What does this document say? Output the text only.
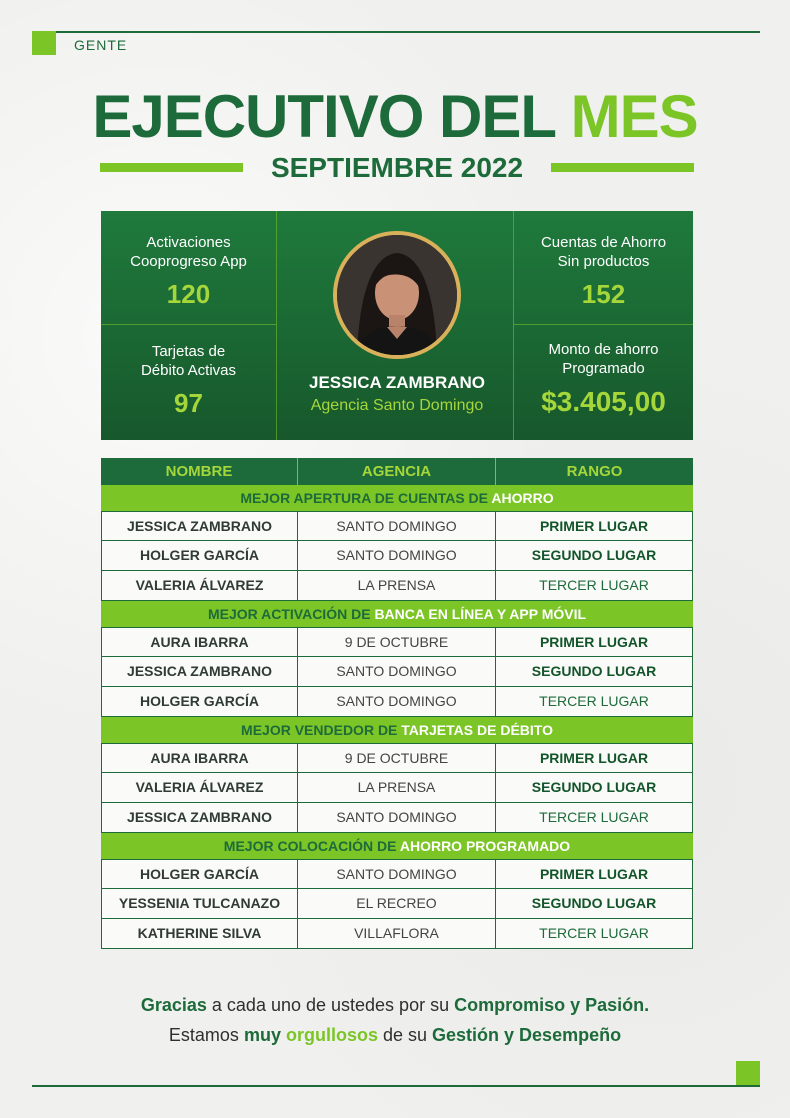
GENTE
EJECUTIVO DEL MES
SEPTIEMBRE 2022
Activaciones
Cooprogreso App
120
Tarjetas de
Débito Activas
97
Cuentas de Ahorro
Sin productos
152
Monto de ahorro
Programado
$3.405,00
JESSICA ZAMBRANO
Agencia Santo Domingo
NOMBRE	AGENCIA	RANGO
MEJOR APERTURA DE CUENTAS DE AHORRO
JESSICA ZAMBRANO	SANTO DOMINGO	PRIMER LUGAR
HOLGER GARCÍA	SANTO DOMINGO	SEGUNDO LUGAR
VALERIA ÁLVAREZ	LA PRENSA	TERCER LUGAR
MEJOR ACTIVACIÓN DE BANCA EN LÍNEA Y APP MÓVIL
AURA IBARRA	9 DE OCTUBRE	PRIMER LUGAR
JESSICA ZAMBRANO	SANTO DOMINGO	SEGUNDO LUGAR
HOLGER GARCÍA	SANTO DOMINGO	TERCER LUGAR
MEJOR VENDEDOR DE TARJETAS DE DÉBITO
AURA IBARRA	9 DE OCTUBRE	PRIMER LUGAR
VALERIA ÁLVAREZ	LA PRENSA	SEGUNDO LUGAR
JESSICA ZAMBRANO	SANTO DOMINGO	TERCER LUGAR
MEJOR COLOCACIÓN DE AHORRO PROGRAMADO
HOLGER GARCÍA	SANTO DOMINGO	PRIMER LUGAR
YESSENIA TULCANAZO	EL RECREO	SEGUNDO LUGAR
KATHERINE SILVA	VILLAFLORA	TERCER LUGAR
Gracias a cada uno de ustedes por su Compromiso y Pasión.
Estamos muy orgullosos de su Gestión y Desempeño
